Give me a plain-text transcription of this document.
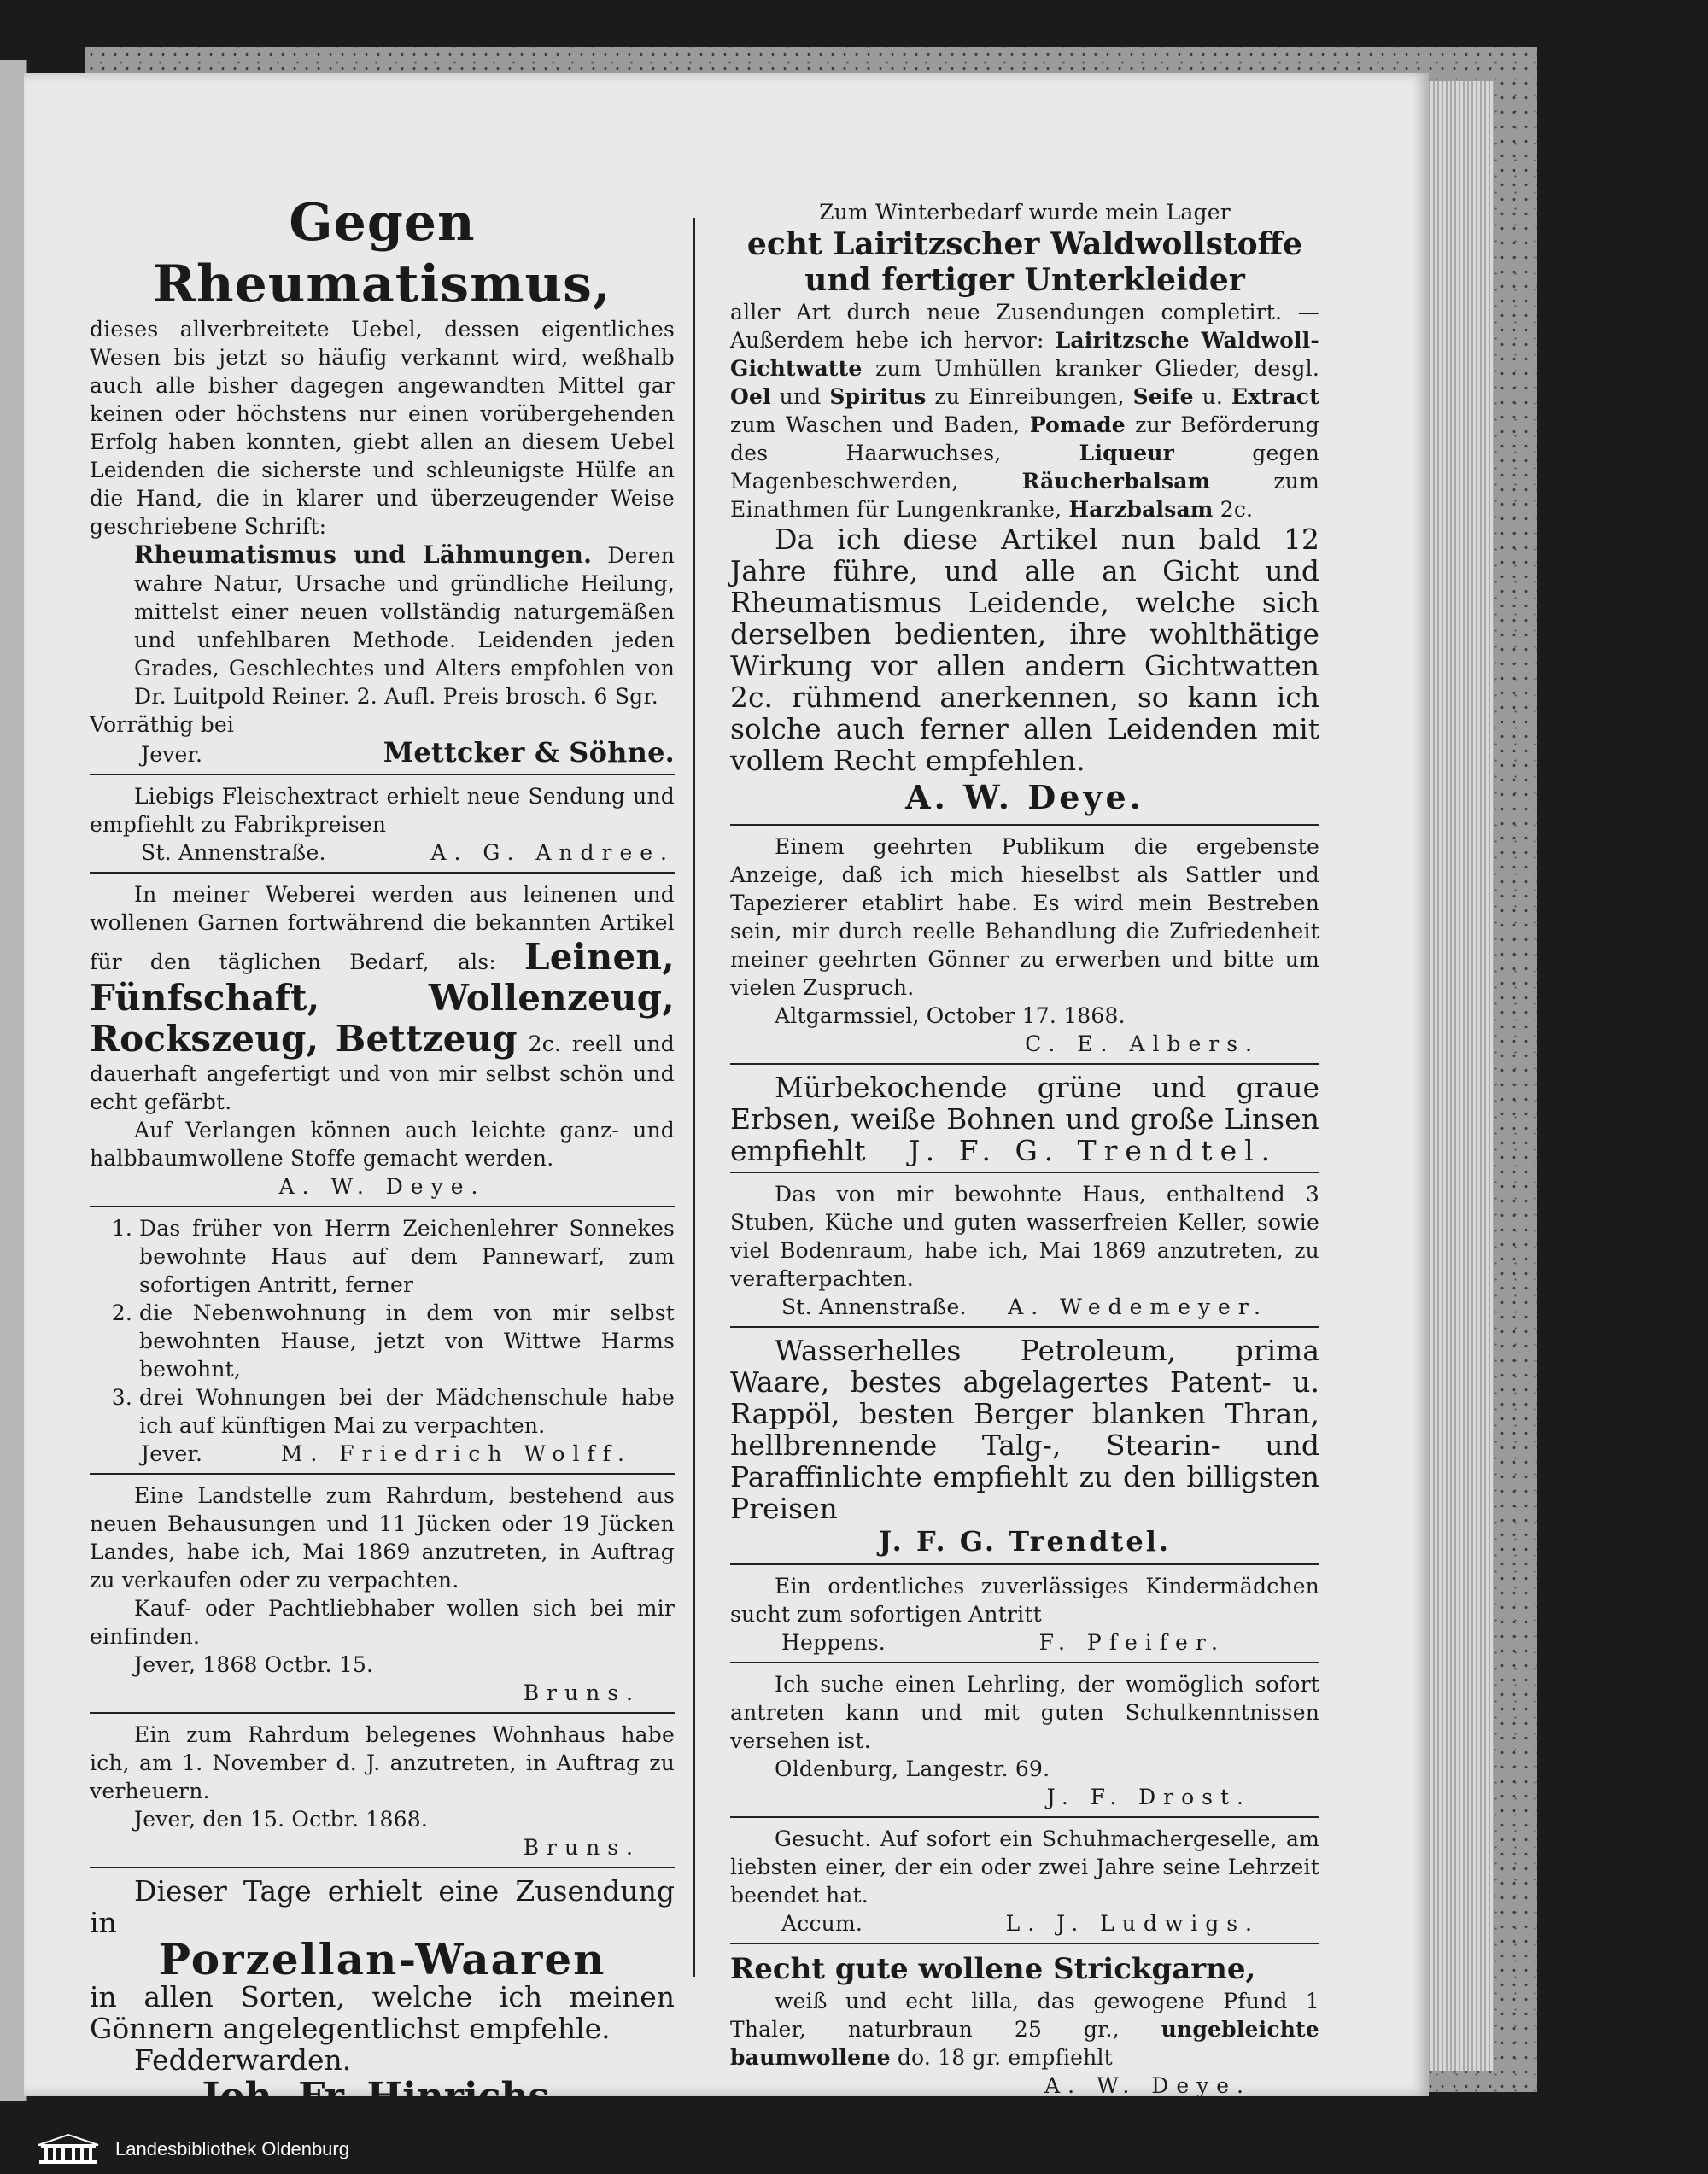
Gegen Rheumatismus,

dieses allverbreitete Uebel, dessen eigentliches Wesen bis jetzt so häufig verkannt wird, weßhalb auch alle bisher dagegen angewandten Mittel gar keinen oder höchstens nur einen vorübergehenden Erfolg haben konnten, giebt allen an diesem Uebel Leidenden die sicherste und schleunigste Hülfe an die Hand, die in klarer und überzeugender Weise geschriebene Schrift:

Rheumatismus und Lähmungen. Deren wahre Natur, Ursache und gründliche Heilung, mittelst einer neuen vollständig naturgemäßen und unfehlbaren Methode. Leidenden jeden Grades, Geschlechtes und Alters empfohlen von Dr. Luitpold Reiner. 2. Aufl. Preis brosch. 6 Sgr.

Vorräthig bei

Jever.	Mettcker & Söhne.

Liebigs Fleischextract erhielt neue Sendung und empfiehlt zu Fabrikpreisen

St. Annenstraße.	A. G. Andree.

In meiner Weberei werden aus leinenen und wollenen Garnen fortwährend die bekannten Artikel für den täglichen Bedarf, als: Leinen, Fünfschaft, Wollenzeug, Rockszeug, Bettzeug 2c. reell und dauerhaft angefertigt und von mir selbst schön und echt gefärbt.

Auf Verlangen können auch leichte ganz- und halbbaumwollene Stoffe gemacht werden.

A. W. Deye.

1. Das früher von Herrn Zeichenlehrer Sonnekes bewohnte Haus auf dem Pannewarf, zum sofortigen Antritt, ferner
2. die Nebenwohnung in dem von mir selbst bewohnten Hause, jetzt von Wittwe Harms bewohnt,
3. drei Wohnungen bei der Mädchenschule habe ich auf künftigen Mai zu verpachten.
Jever.	M. Friedrich Wolff.

Eine Landstelle zum Rahrdum, bestehend aus neuen Behausungen und 11 Jücken oder 19 Jücken Landes, habe ich, Mai 1869 anzutreten, in Auftrag zu verkaufen oder zu verpachten.

Kauf- oder Pachtliebhaber wollen sich bei mir einfinden.

Jever, 1868 Octbr. 15.

Bruns.

Ein zum Rahrdum belegenes Wohnhaus habe ich, am 1. November d. J. anzutreten, in Auftrag zu verheuern.

Jever, den 15. Octbr. 1868.

Bruns.

Dieser Tage erhielt eine Zusendung in

Porzellan-Waaren

in allen Sorten, welche ich meinen Gönnern angelegentlichst empfehle.

Fedderwarden.

Joh. Fr. Hinrichs.

Zum Winterbedarf wurde mein Lager

echt Lairitzscher Waldwollstoffe und fertiger Unterkleider

aller Art durch neue Zusendungen completirt. — Außerdem hebe ich hervor: Lairitzsche Waldwoll-Gichtwatte zum Umhüllen kranker Glieder, desgl. Oel und Spiritus zu Einreibungen, Seife u. Extract zum Waschen und Baden, Pomade zur Beförderung des Haarwuchses,	Liqueur	gegen Magenbeschwerden,	Räucherbalsam	zum Einathmen für Lungenkranke, Harzbalsam 2c.

Da ich diese Artikel nun bald 12 Jahre führe, und alle an Gicht und Rheumatismus Leidende, welche sich derselben bedienten, ihre wohlthätige Wirkung vor allen andern Gichtwatten 2c. rühmend anerkennen, so kann ich solche auch ferner allen Leidenden mit vollem Recht empfehlen.

A. W. Deye.

Einem geehrten Publikum die ergebenste Anzeige, daß ich mich hieselbst als Sattler und Tapezierer etablirt habe. Es wird mein Bestreben sein, mir durch reelle Behandlung die Zufriedenheit meiner geehrten Gönner zu erwerben und bitte um vielen Zuspruch.

Altgarmssiel, October 17. 1868.

C. E. Albers.

Mürbekochende grüne und graue Erbsen, weiße Bohnen und große Linsen empfiehlt J. F. G. Trendtel.

Das von mir bewohnte Haus, enthaltend 3 Stuben, Küche und guten wasserfreien Keller, sowie viel Bodenraum, habe ich, Mai 1869 anzutreten, zu verafterpachten.

St. Annenstraße. A. Wedemeyer.

Wasserhelles Petroleum, prima Waare, bestes abgelagertes Patent- u. Rappöl, besten Berger blanken Thran, hellbrennende Talg-, Stearin- und Paraffinlichte empfiehlt zu den billigsten Preisen

J. F. G. Trendtel.

Ein ordentliches zuverlässiges Kindermädchen sucht zum sofortigen Antritt

Heppens.	F. Pfeifer.

Ich suche einen Lehrling, der womöglich sofort antreten kann und mit guten Schulkenntnissen versehen ist.

Oldenburg, Langestr. 69.

J. F. Drost.

Gesucht. Auf sofort ein Schuhmachergeselle, am liebsten einer, der ein oder zwei Jahre seine Lehrzeit beendet hat.

Accum.	L. J. Ludwigs.

Recht gute wollene Strickgarne,

weiß und echt lilla, das gewogene Pfund 1 Thaler, naturbraun 25 gr., ungebleichte baumwollene do. 18 gr. empfiehlt

A. W. Deye.

Landesbibliothek Oldenburg
